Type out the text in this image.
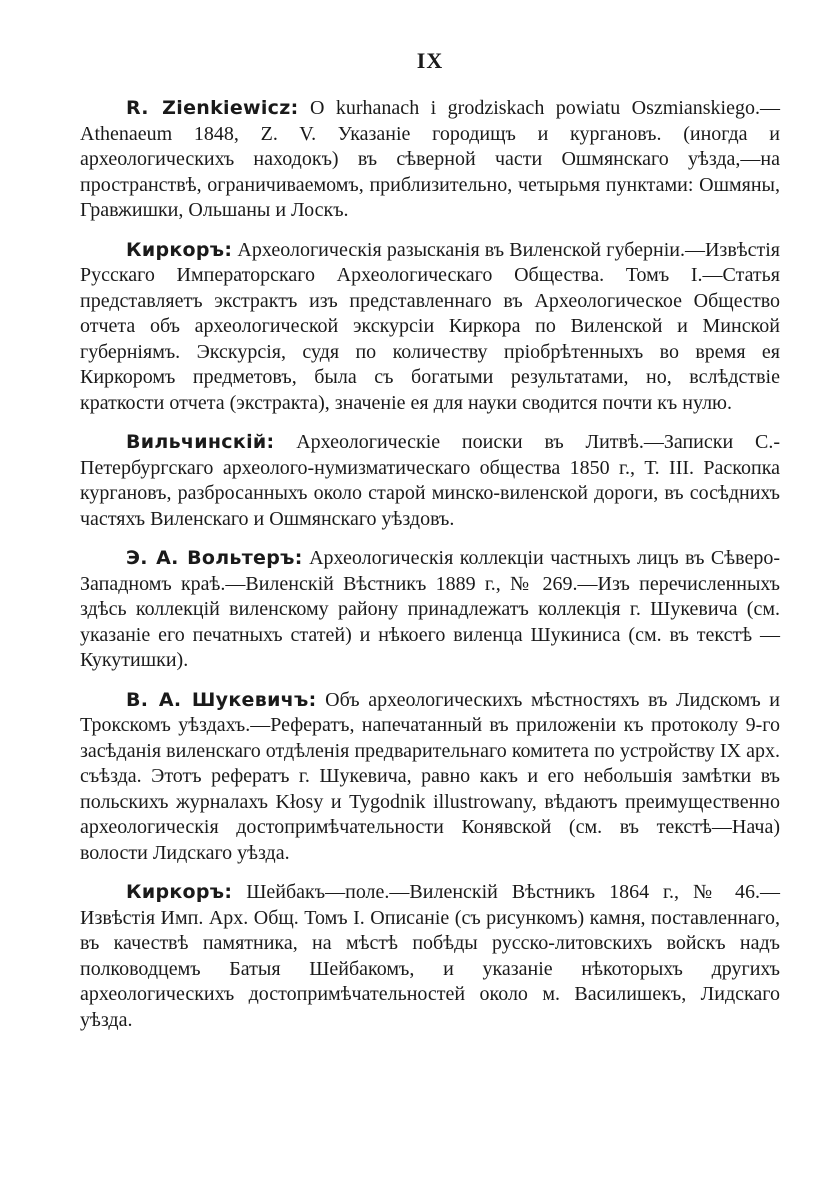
IX

R. Zienkiewicz: O kurhanach i grodziskach powiatu Oszmianskiego.—Athenaeum 1848, Z. V. Указаніе городищъ и кургановъ. (иногда и археологическихъ находокъ) въ сѣверной части Ошмянскаго уѣзда,—на пространствѣ, ограничиваемомъ, приблизительно, четырьмя пунктами: Ошмяны, Гравжишки, Ольшаны и Лоскъ.

Киркоръ: Археологическія разысканія въ Виленской губерніи.—Извѣстія Русскаго Императорскаго Археологическаго Общества. Томъ I.—Статья представляетъ экстрактъ изъ представленнаго въ Археологическое Общество отчета объ археологической экскурсіи Киркора по Виленской и Минской губерніямъ. Экскурсія, судя по количеству пріобрѣтенныхъ во время ея Киркоромъ предметовъ, была съ богатыми результатами, но, вслѣдствіе краткости отчета (экстракта), значеніе ея для науки сводится почти къ нулю.

Вильчинскій: Археологическіе поиски въ Литвѣ.—Записки С.-Петербургскаго археолого-нумизматическаго общества 1850 г., Т. III. Раскопка кургановъ, разбросанныхъ около старой минско-виленской дороги, въ сосѣднихъ частяхъ Виленскаго и Ошмянскаго уѣздовъ.

Э. А. Вольтеръ: Археологическія коллекціи частныхъ лицъ въ Сѣверо-Западномъ краѣ.—Виленскій Вѣстникъ 1889 г., № 269.—Изъ перечисленныхъ здѣсь коллекцій виленскому району принадлежатъ коллекція г. Шукевича (см. указаніе его печатныхъ статей) и нѣкоего виленца Шукиниса (см. въ текстѣ — Кукутишки).

В. А. Шукевичъ: Объ археологическихъ мѣстностяхъ въ Лидскомъ и Трокскомъ уѣздахъ.—Рефератъ, напечатанный въ приложеніи къ протоколу 9-го засѣданія виленскаго отдѣленія предварительнаго комитета по устройству IX арх. съѣзда. Этотъ рефератъ г. Шукевича, равно какъ и его небольшія замѣтки въ польскихъ журналахъ Kłosy и Tygodnik illustrowany, вѣдаютъ преимущественно археологическія достопримѣчательности Конявской (см. въ текстѣ—Нача) волости Лидскаго уѣзда.

Киркоръ: Шейбакъ—поле.—Виленскій Вѣстникъ 1864 г., № 46.—Извѣстія Имп. Арх. Общ. Томъ I. Описаніе (съ рисункомъ) камня, поставленнаго, въ качествѣ памятника, на мѣстѣ побѣды русско-литовскихъ войскъ надъ полководцемъ Батыя Шейбакомъ, и указаніе нѣкоторыхъ другихъ археологическихъ достопримѣчательностей около м. Василишекъ, Лидскаго уѣзда.
